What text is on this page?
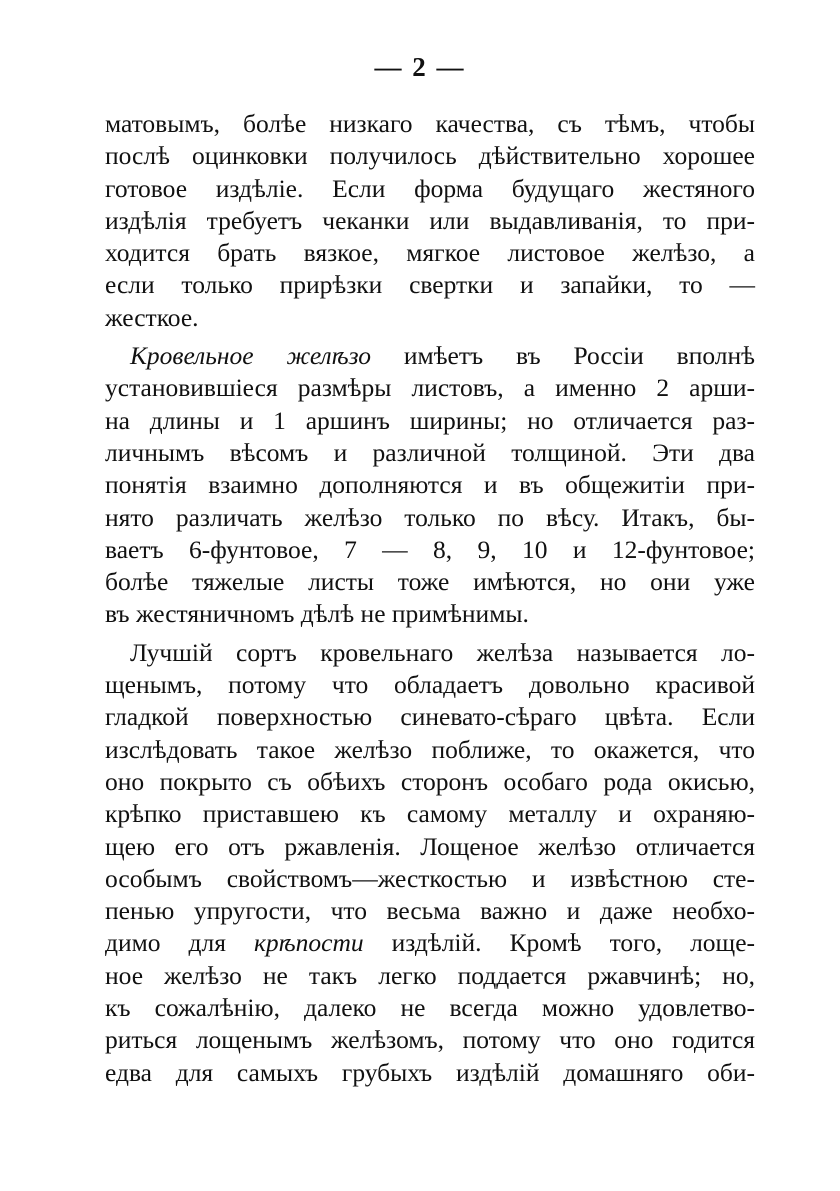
— 2 —
матовымъ, болѣе низкаго качества, съ тѣмъ, чтобы
послѣ оцинковки получилось дѣйствительно хорошее
готовое издѣліе. Если форма будущаго жестяного
издѣлія требуетъ чеканки или выдавливанія, то при-
ходится брать вязкое, мягкое листовое желѣзо, а
если только прирѣзки свертки и запайки, то —
жесткое.
Кровельное желѣзо имѣетъ въ Россіи вполнѣ
установившіеся размѣры листовъ, а именно 2 арши-
на длины и 1 аршинъ ширины; но отличается раз-
личнымъ вѣсомъ и различной толщиной. Эти два
понятія взаимно дополняются и въ общежитіи при-
нято различать желѣзо только по вѣсу. Итакъ, бы-
ваетъ 6-фунтовое, 7 — 8, 9, 10 и 12-фунтовое;
болѣе тяжелые листы тоже имѣются, но они уже
въ жестяничномъ дѣлѣ не примѣнимы.
Лучшій сортъ кровельнаго желѣза называется ло-
щенымъ, потому что обладаетъ довольно красивой
гладкой поверхностью синевато-сѣраго цвѣта. Если
изслѣдовать такое желѣзо поближе, то окажется, что
оно покрыто съ обѣихъ сторонъ особаго рода окисью,
крѣпко приставшею къ самому металлу и охраняю-
щею его отъ ржавленія. Лощеное желѣзо отличается
особымъ свойствомъ—жесткостью и извѣстною сте-
пенью упругости, что весьма важно и даже необхо-
димо для крѣпости издѣлій. Кромѣ того, лоще-
ное желѣзо не такъ легко поддается ржавчинѣ; но,
къ сожалѣнію, далеко не всегда можно удовлетво-
риться лощенымъ желѣзомъ, потому что оно годится
едва для самыхъ грубыхъ издѣлій домашняго оби-
